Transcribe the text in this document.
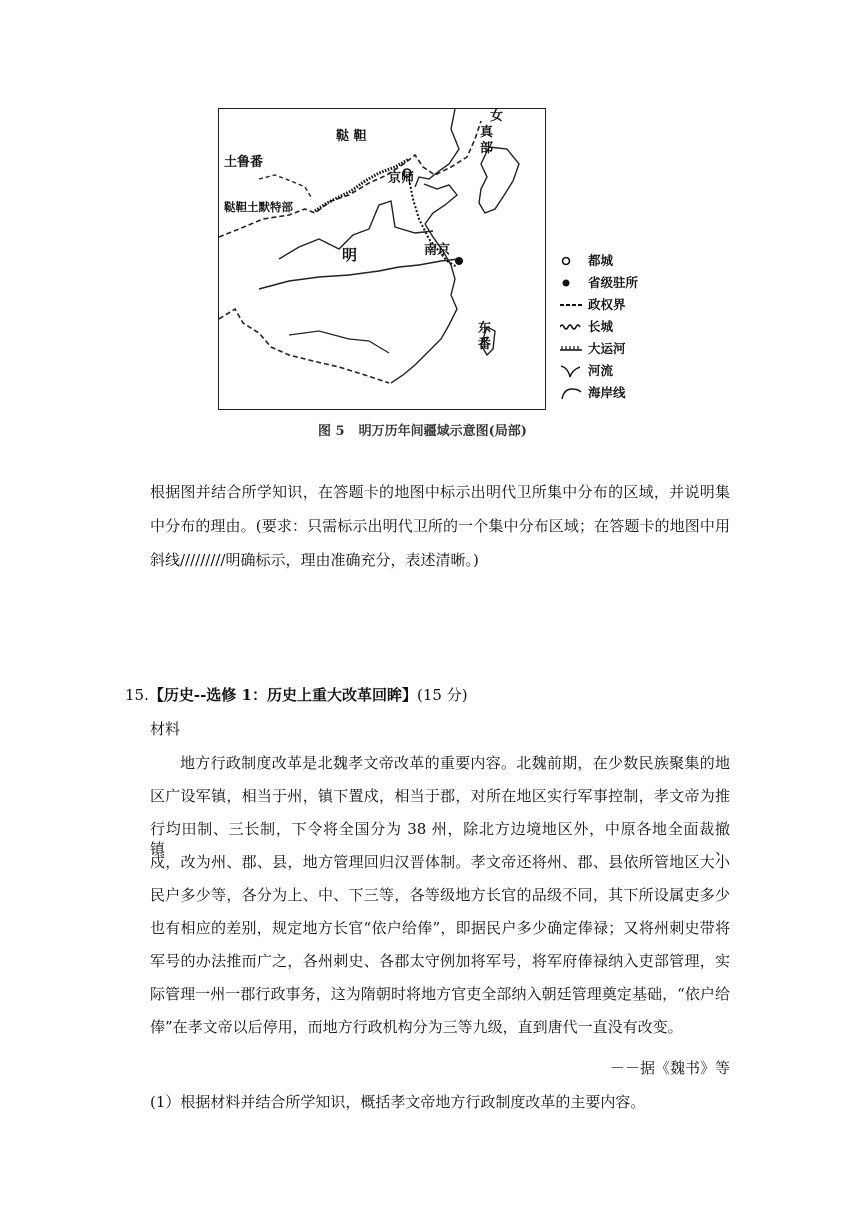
鞑 靼
女
真
部
土鲁番
京师
鞑靼土默特部
明	南京
东
番
都城
省级驻所
政权界
长城
大运河
河流
海岸线
图 5 明万历年间疆域示意图(局部)
根据图并结合所学知识，在答题卡的地图中标示出明代卫所集中分布的区域，并说明集
中分布的理由。(要求：只需标示出明代卫所的一个集中分布区域；在答题卡的地图中用
斜线/////////明确标示，理由准确充分，表述清晰。)
15.【历史--选修 1：历史上重大改革回眸】(15 分)
材料
地方行政制度改革是北魏孝文帝改革的重要内容。北魏前期，在少数民族聚集的地
区广设军镇，相当于州，镇下置戍，相当于郡，对所在地区实行军事控制，孝文帝为推
行均田制、三长制，下令将全国分为 38 州，除北方边境地区外，中原各地全面裁撤镇、
戍，改为州、郡、县，地方管理回归汉晋体制。孝文帝还将州、郡、县依所管地区大小
民户多少等，各分为上、中、下三等，各等级地方长官的品级不同，其下所设属吏多少
也有相应的差别，规定地方长官“依户给俸”，即据民户多少确定俸禄；又将州刺史带将
军号的办法推而广之，各州刺史、各郡太守例加将军号，将军府俸禄纳入吏部管理，实
际管理一州一郡行政事务，这为隋朝时将地方官吏全部纳入朝廷管理奠定基础，“依户给
俸”在孝文帝以后停用，而地方行政机构分为三等九级，直到唐代一直没有改变。
－－据《魏书》等
(1）根据材料并结合所学知识，概括孝文帝地方行政制度改革的主要内容。
